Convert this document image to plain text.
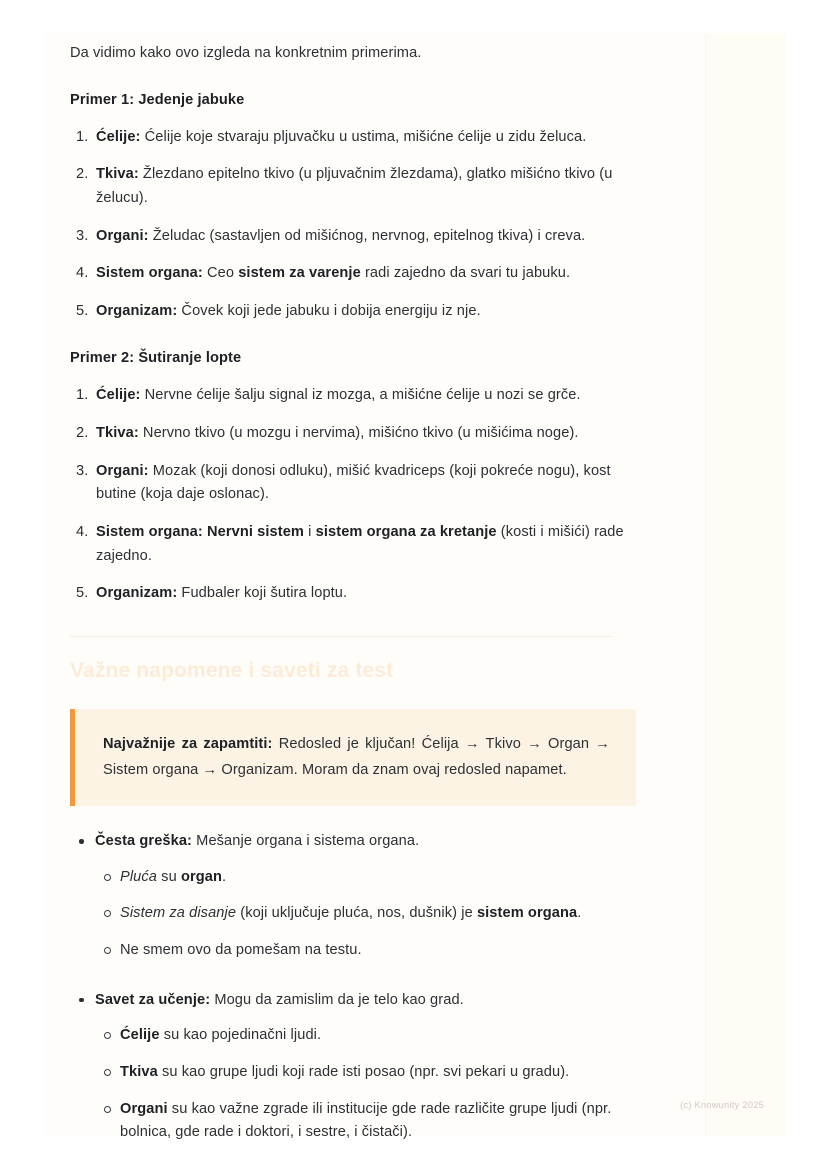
Da vidimo kako ovo izgleda na konkretnim primerima.

Primer 1: Jedenje jabuke
Ćelije: Ćelije koje stvaraju pljuvačku u ustima, mišićne ćelije u zidu želuca.
Tkiva: Žlezdano epitelno tkivo (u pljuvačnim žlezdama), glatko mišićno tkivo (u želucu).
Organi: Želudac (sastavljen od mišićnog, nervnog, epitelnog tkiva) i creva.
Sistem organa: Ceo sistem za varenje radi zajedno da svari tu jabuku.
Organizam: Čovek koji jede jabuku i dobija energiju iz nje.
Primer 2: Šutiranje lopte
Ćelije: Nervne ćelije šalju signal iz mozga, a mišićne ćelije u nozi se grče.
Tkiva: Nervno tkivo (u mozgu i nervima), mišićno tkivo (u mišićima noge).
Organi: Mozak (koji donosi odluku), mišić kvadriceps (koji pokreće nogu), kost butine (koja daje oslonac).
Sistem organa: Nervni sistem i sistem organa za kretanje (kosti i mišići) rade zajedno.
Organizam: Fudbaler koji šutira loptu.
Važne napomene i saveti za test

Najvažnije za zapamtiti: Redosled je ključan! Ćelija → Tkivo → Organ → Sistem organa → Organizam. Moram da znam ovaj redosled napamet.

Česta greška: Mešanje organa i sistema organa.
Pluća su organ.
Sistem za disanje (koji uključuje pluća, nos, dušnik) je sistem organa.
Ne smem ovo da pomešam na testu.
Savet za učenje: Mogu da zamislim da je telo kao grad.
Ćelije su kao pojedinačni ljudi.
Tkiva su kao grupe ljudi koji rade isti posao (npr. svi pekari u gradu).
Organi su kao važne zgrade ili institucije gde rade različite grupe ljudi (npr. bolnica, gde rade i doktori, i sestre, i čistači).
(c) Knowunity 2025
